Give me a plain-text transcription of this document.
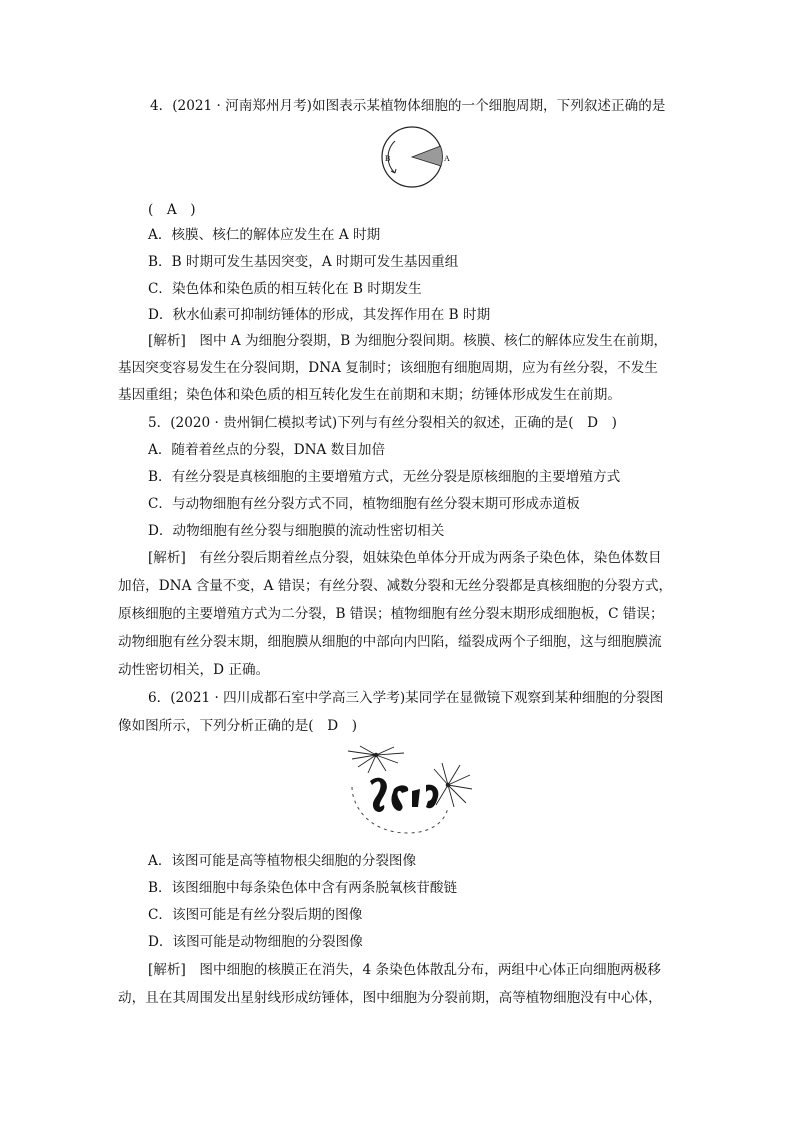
4．(2021 · 河南郑州月考)如图表示某植物体细胞的一个细胞周期，下列叙述正确的是
B	A
(　A　)
A．核膜、核仁的解体应发生在 A 时期
B．B 时期可发生基因突变，A 时期可发生基因重组
C．染色体和染色质的相互转化在 B 时期发生
D．秋水仙素可抑制纺锤体的形成，其发挥作用在 B 时期
[解析]　图中 A 为细胞分裂期，B 为细胞分裂间期。核膜、核仁的解体应发生在前期，
基因突变容易发生在分裂间期，DNA 复制时；该细胞有细胞周期，应为有丝分裂，不发生
基因重组；染色体和染色质的相互转化发生在前期和末期；纺锤体形成发生在前期。
5．(2020 · 贵州铜仁模拟考试)下列与有丝分裂相关的叙述，正确的是(　D　)
A．随着着丝点的分裂，DNA 数目加倍
B．有丝分裂是真核细胞的主要增殖方式，无丝分裂是原核细胞的主要增殖方式
C．与动物细胞有丝分裂方式不同，植物细胞有丝分裂末期可形成赤道板
D．动物细胞有丝分裂与细胞膜的流动性密切相关
[解析]　有丝分裂后期着丝点分裂，姐妹染色单体分开成为两条子染色体，染色体数目
加倍，DNA 含量不变，A 错误；有丝分裂、减数分裂和无丝分裂都是真核细胞的分裂方式，
原核细胞的主要增殖方式为二分裂，B 错误；植物细胞有丝分裂末期形成细胞板，C 错误；
动物细胞有丝分裂末期，细胞膜从细胞的中部向内凹陷，缢裂成两个子细胞，这与细胞膜流
动性密切相关，D 正确。
6．(2021 · 四川成都石室中学高三入学考)某同学在显微镜下观察到某种细胞的分裂图
像如图所示，下列分析正确的是(　D　)
A．该图可能是高等植物根尖细胞的分裂图像
B．该图细胞中每条染色体中含有两条脱氧核苷酸链
C．该图可能是有丝分裂后期的图像
D．该图可能是动物细胞的分裂图像
[解析]　图中细胞的核膜正在消失，4 条染色体散乱分布，两组中心体正向细胞两极移
动，且在其周围发出星射线形成纺锤体，图中细胞为分裂前期，高等植物细胞没有中心体，
